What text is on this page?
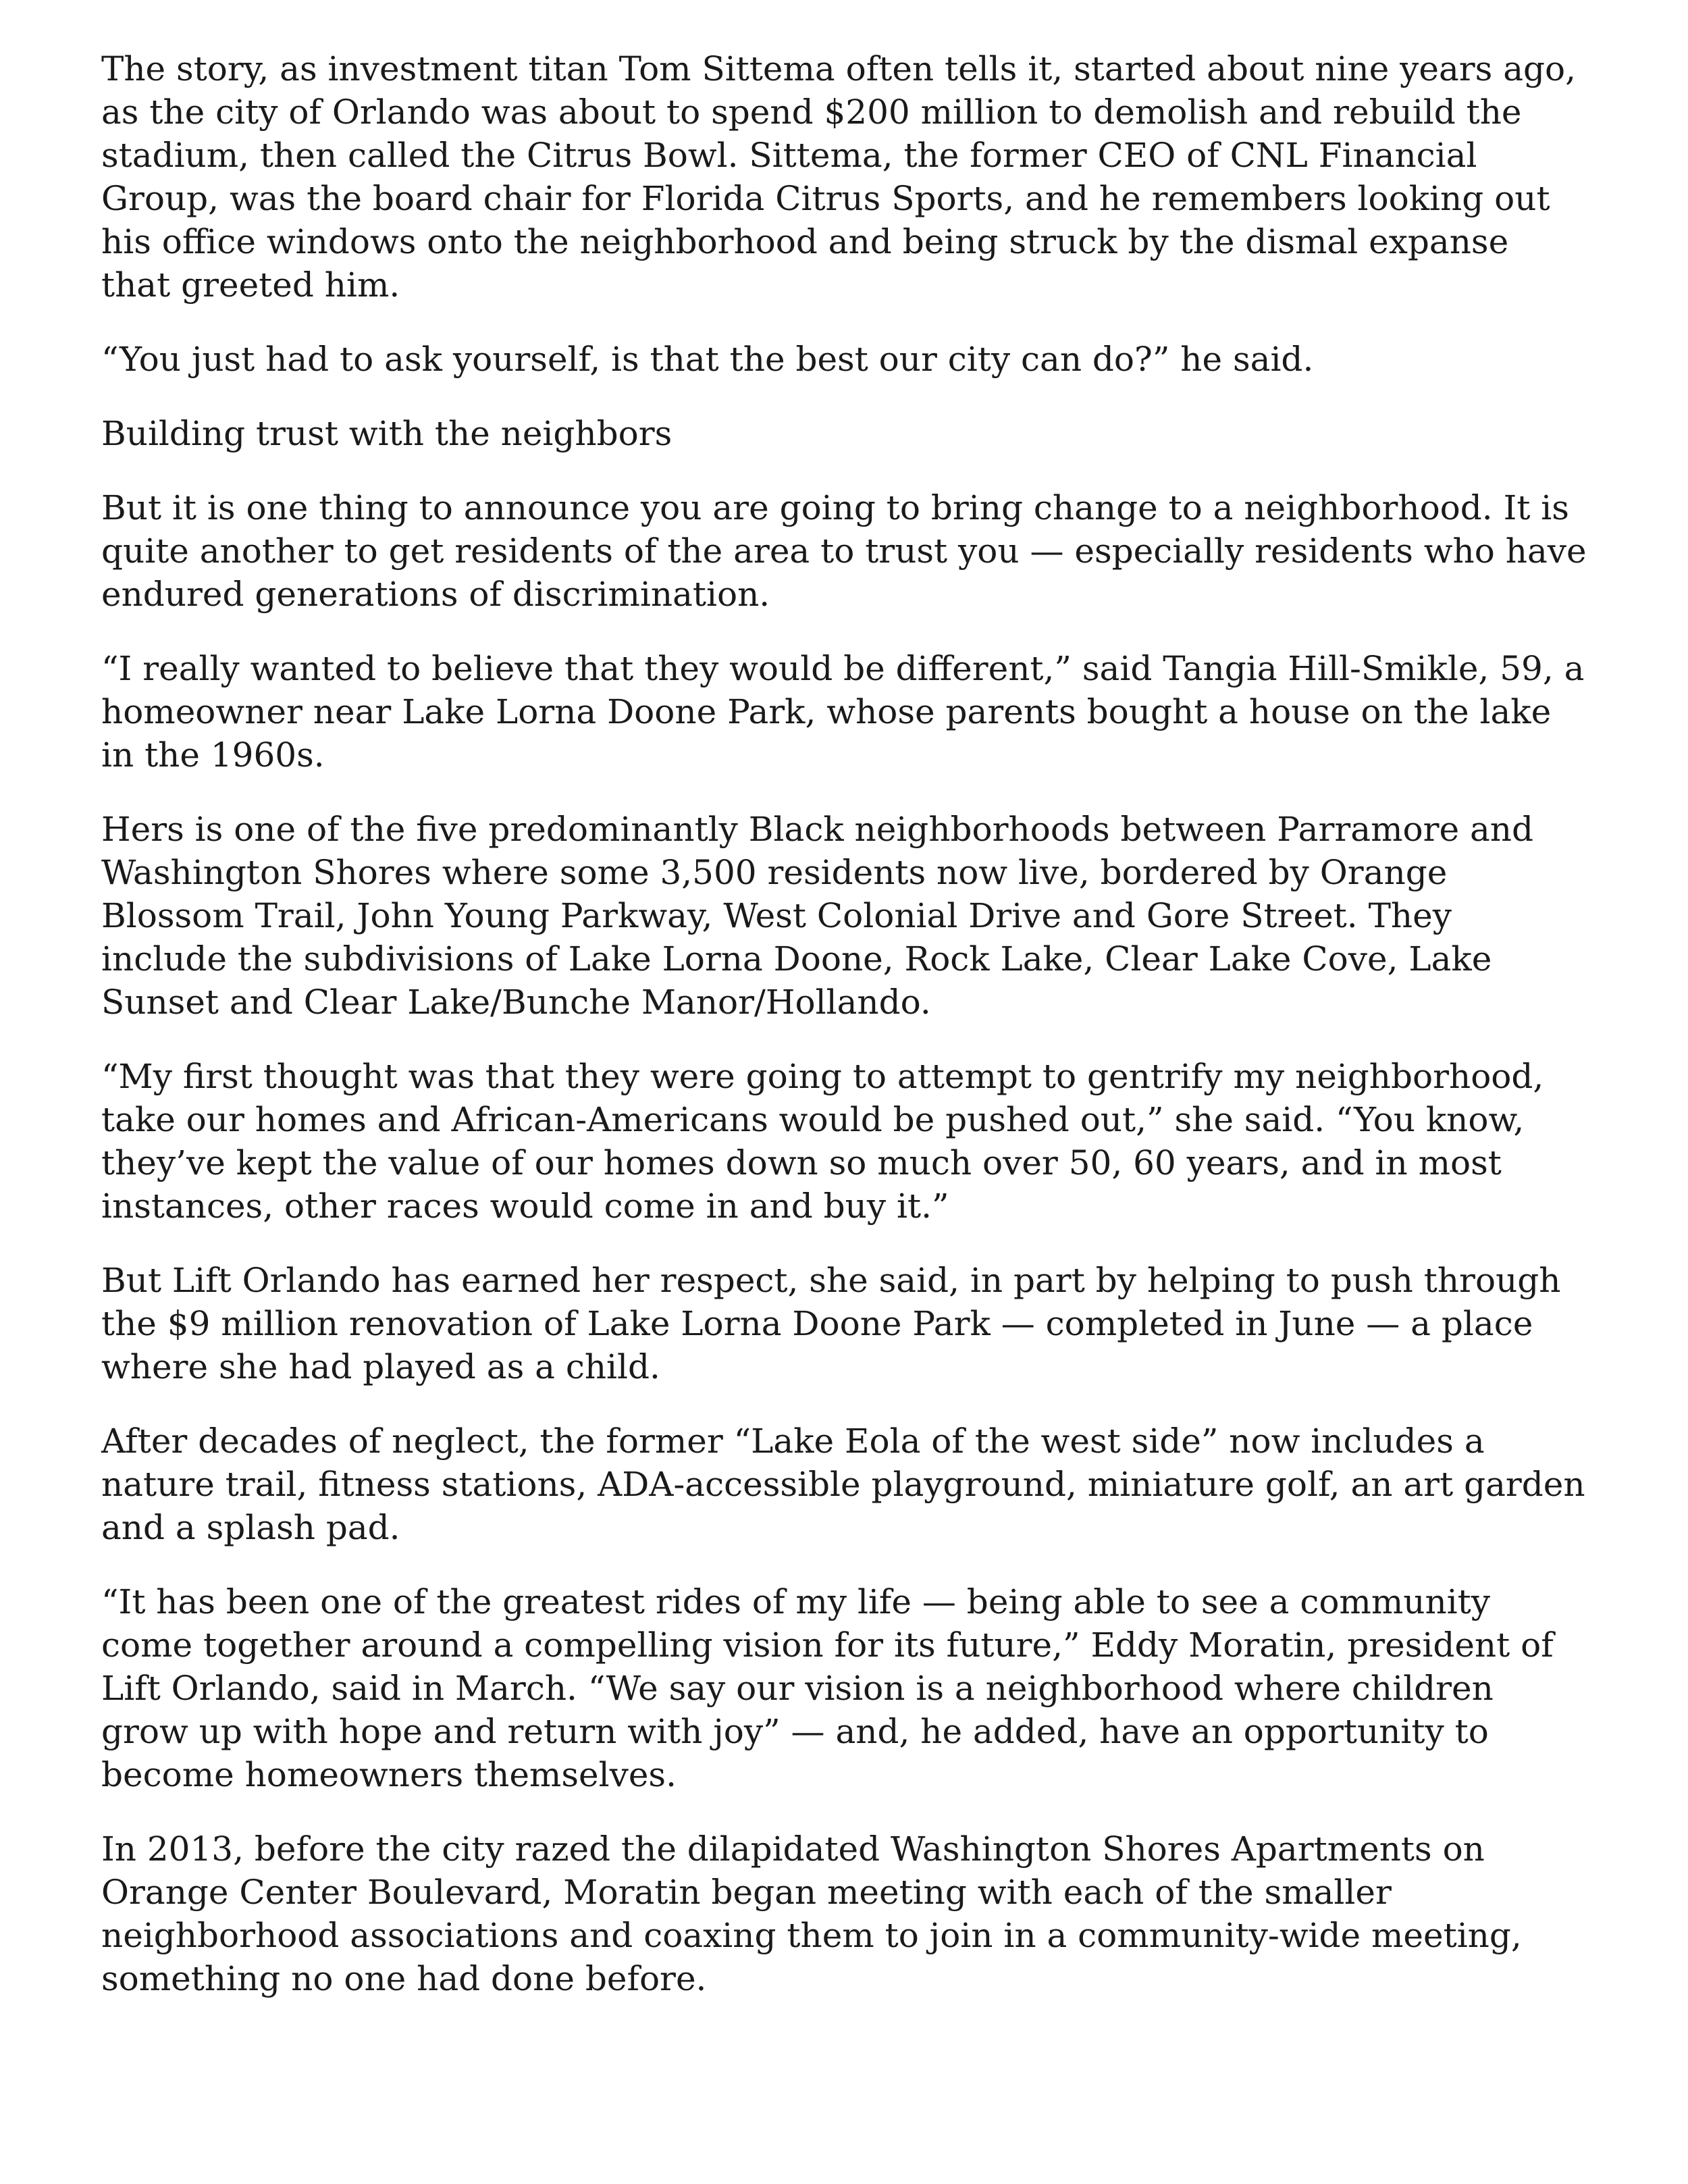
The story, as investment titan Tom Sittema often tells it, started about nine years ago, as the city of Orlando was about to spend $200 million to demolish and rebuild the stadium, then called the Citrus Bowl. Sittema, the former CEO of CNL Financial Group, was the board chair for Florida Citrus Sports, and he remembers looking out his office windows onto the neighborhood and being struck by the dismal expanse that greeted him.

“You just had to ask yourself, is that the best our city can do?” he said.

Building trust with the neighbors

But it is one thing to announce you are going to bring change to a neighborhood. It is quite another to get residents of the area to trust you — especially residents who have endured generations of discrimination.

“I really wanted to believe that they would be different,” said Tangia Hill-Smikle, 59, a homeowner near Lake Lorna Doone Park, whose parents bought a house on the lake in the 1960s.

Hers is one of the five predominantly Black neighborhoods between Parramore and Washington Shores where some 3,500 residents now live, bordered by Orange Blossom Trail, John Young Parkway, West Colonial Drive and Gore Street. They include the subdivisions of Lake Lorna Doone, Rock Lake, Clear Lake Cove, Lake Sunset and Clear Lake/Bunche Manor/Hollando.

“My first thought was that they were going to attempt to gentrify my neighborhood, take our homes and African-Americans would be pushed out,” she said. “You know, they’ve kept the value of our homes down so much over 50, 60 years, and in most instances, other races would come in and buy it.”

But Lift Orlando has earned her respect, she said, in part by helping to push through the $9 million renovation of Lake Lorna Doone Park — completed in June — a place where she had played as a child.

After decades of neglect, the former “Lake Eola of the west side” now includes a nature trail, fitness stations, ADA-accessible playground, miniature golf, an art garden and a splash pad.

“It has been one of the greatest rides of my life — being able to see a community come together around a compelling vision for its future,” Eddy Moratin, president of Lift Orlando, said in March. “We say our vision is a neighborhood where children grow up with hope and return with joy” — and, he added, have an opportunity to become homeowners themselves.

In 2013, before the city razed the dilapidated Washington Shores Apartments on Orange Center Boulevard, Moratin began meeting with each of the smaller neighborhood associations and coaxing them to join in a community-wide meeting, something no one had done before.
